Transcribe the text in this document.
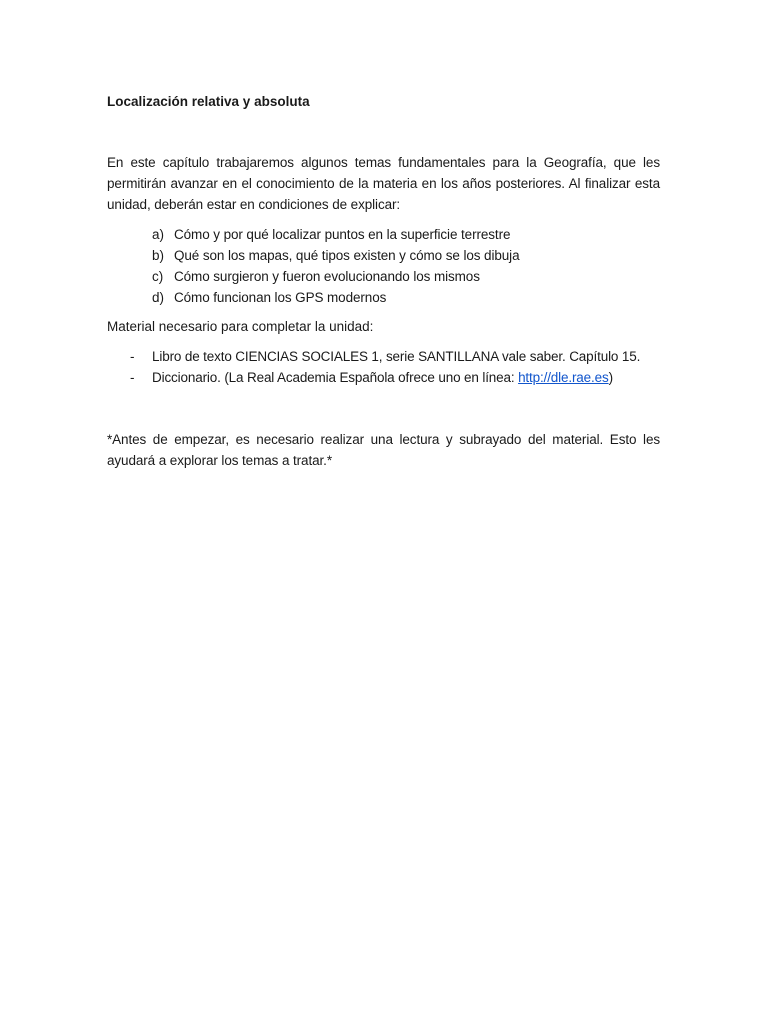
Localización relativa y absoluta
En este capítulo trabajaremos algunos temas fundamentales para la Geografía, que les permitirán avanzar en el conocimiento de la materia en los años posteriores. Al finalizar esta unidad, deberán estar en condiciones de explicar:
a) Cómo y por qué localizar puntos en la superficie terrestre
b) Qué son los mapas, qué tipos existen y cómo se los dibuja
c) Cómo surgieron y fueron evolucionando los mismos
d) Cómo funcionan los GPS modernos
Material necesario para completar la unidad:
- Libro de texto CIENCIAS SOCIALES 1, serie SANTILLANA vale saber. Capítulo 15.
- Diccionario. (La Real Academia Española ofrece uno en línea: http://dle.rae.es)
*Antes de empezar, es necesario realizar una lectura y subrayado del material. Esto les ayudará a explorar los temas a tratar.*
